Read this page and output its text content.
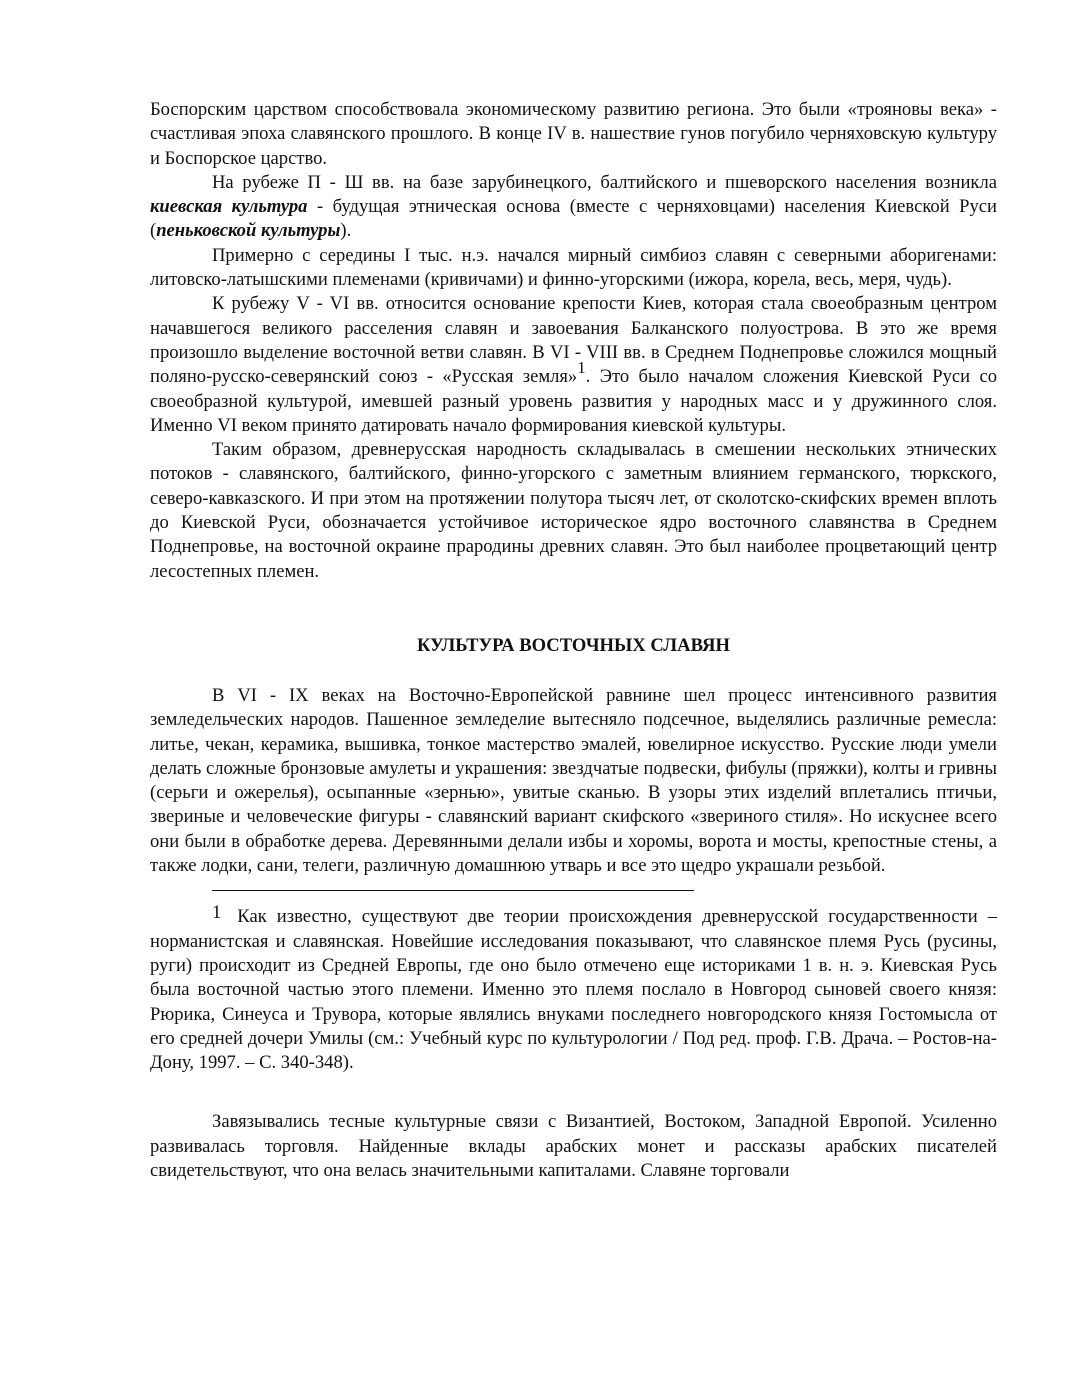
Боспорским царством способствовала экономическому развитию региона. Это были «трояновы века» - счастливая эпоха славянского прошлого. В конце IV в. нашествие гунов погубило черняховскую культуру и Боспорское царство.

На рубеже П - Ш вв. на базе зарубинецкого, балтийского и пшеворского населения возникла киевская культура - будущая этническая основа (вместе с черняховцами) населения Киевской Руси (пеньковской культуры).

Примерно с середины I тыс. н.э. начался мирный симбиоз славян с северными аборигенами: литовско-латышскими племенами (кривичами) и финно-угорскими (ижора, корела, весь, меря, чудь).

К рубежу V - VI вв. относится основание крепости Киев, которая стала своеобразным центром начавшегося великого расселения славян и завоевания Балканского полуострова. В это же время произошло выделение восточной ветви славян. В VI - VIII вв. в Среднем Поднепровье сложился мощный поляно-русско-северянский союз - «Русская земля»$^1$. Это было началом сложения Киевской Руси со своеобразной культурой, имевшей разный уровень развития у народных масс и у дружинного слоя. Именно VI веком принято датировать начало формирования киевской культуры.

Таким образом, древнерусская народность складывалась в смешении нескольких этнических потоков - славянского, балтийского, финно-угорского с заметным влиянием германского, тюркского, северо-кавказского. И при этом на протяжении полутора тысяч лет, от сколотско-скифских времен вплоть до Киевской Руси, обозначается устойчивое историческое ядро восточного славянства в Среднем Поднепровье, на восточной окраине прародины древних славян. Это был наиболее процветающий центр лесостепных племен.

КУЛЬТУРА ВОСТОЧНЫХ СЛАВЯН

В VI - IX веках на Восточно-Европейской равнине шел процесс интенсивного развития земледельческих народов. Пашенное земледелие вытесняло подсечное, выделялись различные ремесла: литье, чекан, керамика, вышивка, тонкое мастерство эмалей, ювелирное искусство. Русские люди умели делать сложные бронзовые амулеты и украшения: звездчатые подвески, фибулы (пряжки), колты и гривны (серьги и ожерелья), осыпанные «зернью», увитые сканью. В узоры этих изделий вплетались птичьи, звериные и человеческие фигуры - славянский вариант скифского «звериного стиля». Но искуснее всего они были в обработке дерева. Деревянными делали избы и хоромы, ворота и мосты, крепостные стены, а также лодки, сани, телеги, различную домашнюю утварь и все это щедро украшали резьбой.

1 Как известно, существуют две теории происхождения древнерусской государственности – норманистская и славянская. Новейшие исследования показывают, что славянское племя Русь (русины, руги) происходит из Средней Европы, где оно было отмечено еще историками 1 в. н. э. Киевская Русь была восточной частью этого племени. Именно это племя послало в Новгород сыновей своего князя: Рюрика, Синеуса и Трувора, которые являлись внуками последнего новгородского князя Гостомысла от его средней дочери Умилы (см.: Учебный курс по культурологии / Под ред. проф. Г.В. Драча. – Ростов-на-Дону, 1997. – С. 340-348).

Завязывались тесные культурные связи с Византией, Востоком, Западной Европой. Усиленно развивалась торговля. Найденные вклады арабских монет и рассказы арабских писателей свидетельствуют, что она велась значительными капиталами. Славяне торговали
